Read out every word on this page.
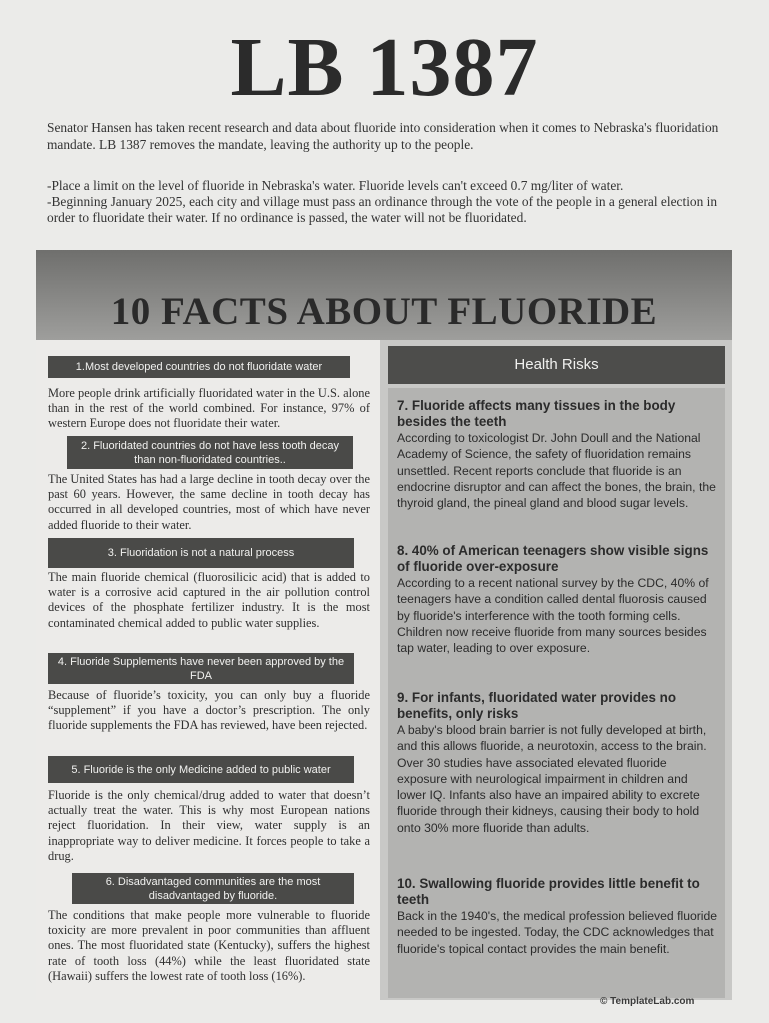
LB 1387
Senator Hansen has taken recent research and data about fluoride into consideration when it comes to Nebraska's fluoridation mandate. LB 1387 removes the mandate, leaving the authority up to the people.
-Place a limit on the level of fluoride in Nebraska's water. Fluoride levels can't exceed 0.7 mg/liter of water.
-Beginning January 2025, each city and village must pass an ordinance through the vote of the people in a general election in order to fluoridate their water. If no ordinance is passed, the water will not be fluoridated.
10 FACTS ABOUT FLUORIDE
1.Most developed countries do not fluoridate water
More people drink artificially fluoridated water in the U.S. alone than in the rest of the world combined. For instance, 97% of western Europe does not fluoridate their water.
2. Fluoridated countries do not have less tooth decay than non-fluoridated countries..
The United States has had a large decline in tooth decay over the past 60 years. However, the same decline in tooth decay has occurred in all developed countries, most of which have never added fluoride to their water.
3. Fluoridation is not a natural process
The main fluoride chemical (fluorosilicic acid) that is added to water is a corrosive acid captured in the air pollution control devices of the phosphate fertilizer industry. It is the most contaminated chemical added to public water supplies.
4. Fluoride Supplements have never been approved by the FDA
Because of fluoride’s toxicity, you can only buy a fluoride “supplement” if you have a doctor’s prescription. The only fluoride supplements the FDA has reviewed, have been rejected.
5. Fluoride is the only Medicine added to public water
Fluoride is the only chemical/drug added to water that doesn’t actually treat the water. This is why most European nations reject fluoridation. In their view, water supply is an inappropriate way to deliver medicine. It forces people to take a drug.
6. Disadvantaged communities are the most disadvantaged by fluoride.
The conditions that make people more vulnerable to fluoride toxicity are more prevalent in poor communities than affluent ones. The most fluoridated state (Kentucky), suffers the highest rate of tooth loss (44%) while the least fluoridated state (Hawaii) suffers the lowest rate of tooth loss (16%).
Health Risks
7. Fluoride affects many tissues in the body besides the teeth
According to toxicologist Dr. John Doull and the National Academy of Science, the safety of fluoridation remains unsettled. Recent reports conclude that fluoride is an endocrine disruptor and can affect the bones, the brain, the thyroid gland, the pineal gland and blood sugar levels.
8. 40% of American teenagers show visible signs of fluoride over-exposure
According to a recent national survey by the CDC, 40% of teenagers have a condition called dental fluorosis caused by fluoride's interference with the tooth forming cells. Children now receive fluoride from many sources besides tap water, leading to over exposure.
9. For infants, fluoridated water provides no benefits, only risks
A baby's blood brain barrier is not fully developed at birth, and this allows fluoride, a neurotoxin, access to the brain. Over 30 studies have associated elevated fluoride exposure with neurological impairment in children and lower IQ. Infants also have an impaired ability to excrete fluoride through their kidneys, causing their body to hold onto 30% more fluoride than adults.
10. Swallowing fluoride provides little benefit to teeth
Back in the 1940's, the medical profession believed fluoride needed to be ingested. Today, the CDC acknowledges that fluoride's topical contact provides the main benefit.
© TemplateLab.com
